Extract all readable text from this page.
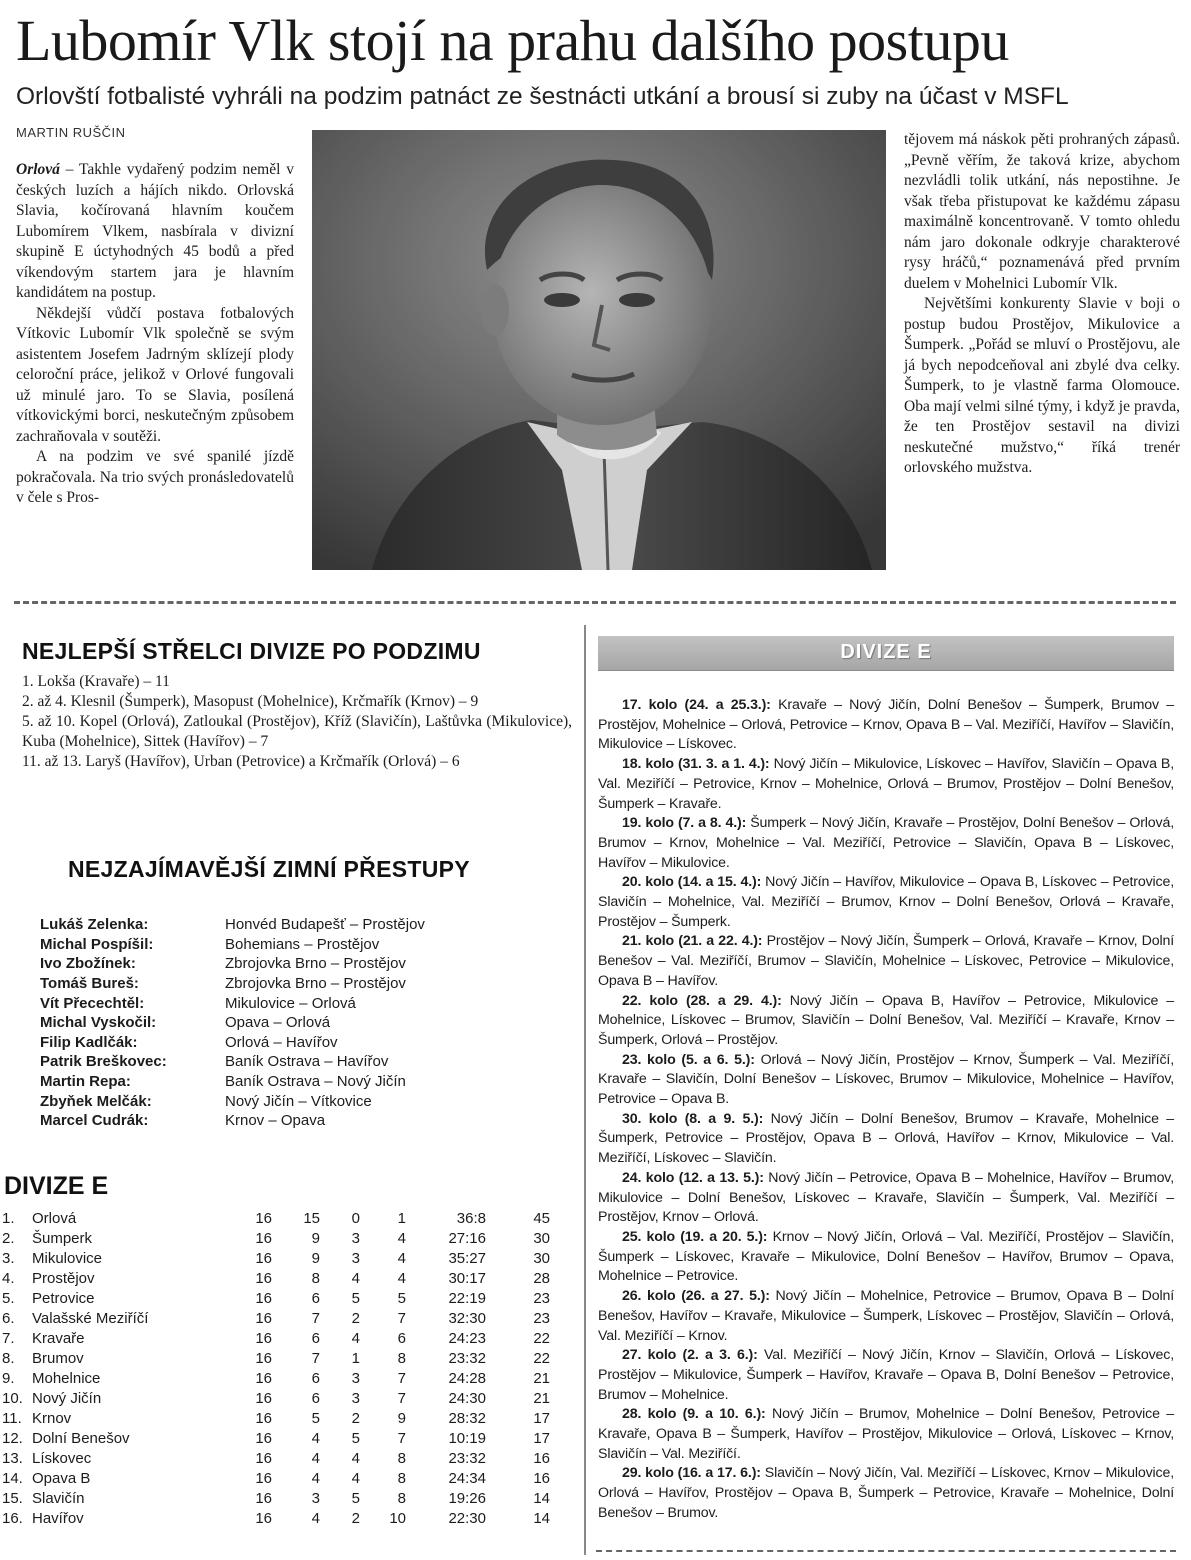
Lubomír Vlk stojí na prahu dalšího postupu
Orlovští fotbalisté vyhráli na podzim patnáct ze šestnácti utkání a brousí si zuby na účast v MSFL
MARTIN RUŠČIN

Orlová – Takhle vydařený podzim neměl v českých luzích a hájích nikdo. Orlovská Slavia, kočírovaná hlavním koučem Lubomírem Vlkem, nasbírala v divizní skupině E úctyhodných 45 bodů a před víkendovým startem jara je hlavním kandidátem na postup.

Někdejší vůdčí postava fotbalových Vítkovic Lubomír Vlk společně se svým asistentem Josefem Jadrným sklízejí plody celoroční práce, jelikož v Orlové fungovali už minulé jaro. To se Slavia, posílená vítkovickými borci, neskutečným způsobem zachraňovala v soutěži.

A na podzim ve své spanilé jízdě pokračovala. Na trio svých pronásledovatelů v čele s Pros-

tějovem má náskok pěti prohraných zápasů. „Pevně věřím, že taková krize, abychom nezvládli tolik utkání, nás nepostihne. Je však třeba přistupovat ke každému zápasu maximálně koncentrovaně. V tomto ohledu nám jaro dokonale odkryje charakterové rysy hráčů,“ poznamenává před prvním duelem v Mohelnici Lubomír Vlk.

Největšími konkurenty Slavie v boji o postup budou Prostějov, Mikulovice a Šumperk. „Pořád se mluví o Prostějovu, ale já bych nepodceňoval ani zbylé dva celky. Šumperk, to je vlastně farma Olomouce. Oba mají velmi silné týmy, i když je pravda, že ten Prostějov sestavil na divizi neskutečné mužstvo,“ říká trenér orlovského mužstva.

NEJLEPŠÍ STŘELCI DIVIZE PO PODZIMU
1. Lokša (Kravaře) – 11
2. až 4. Klesnil (Šumperk), Masopust (Mohelnice), Krčmařík (Krnov) – 9
5. až 10. Kopel (Orlová), Zatloukal (Prostějov), Kříž (Slavičín), Laštůvka (Mikulovice), Kuba (Mohelnice), Sittek (Havířov) – 7
11. až 13. Laryš (Havířov), Urban (Petrovice) a Krčmařík (Orlová) – 6
NEJZAJÍMAVĚJŠÍ ZIMNÍ PŘESTUPY
Lukáš Zelenka:	Honvéd Budapešť – Prostějov
Michal Pospíšil:	Bohemians – Prostějov
Ivo Zbožínek:	Zbrojovka Brno – Prostějov
Tomáš Bureš:	Zbrojovka Brno – Prostějov
Vít Přecechtěl:	Mikulovice – Orlová
Michal Vyskočil:	Opava – Orlová
Filip Kadlčák:	Orlová – Havířov
Patrik Breškovec:	Baník Ostrava – Havířov
Martin Repa:	Baník Ostrava – Nový Jičín
Zbyňek Melčák:	Nový Jičín – Vítkovice
Marcel Cudrák:	Krnov – Opava
DIVIZE E
1. Orlová	16	15	0	1	36:8	45
2. Šumperk	16	9	3	4	27:16	30
3. Mikulovice	16	9	3	4	35:27	30
4. Prostějov	16	8	4	4	30:17	28
5. Petrovice	16	6	5	5	22:19	23
6. Valašské Meziříčí	16	7	2	7	32:30	23
7. Kravaře	16	6	4	6	24:23	22
8. Brumov	16	7	1	8	23:32	22
9. Mohelnice	16	6	3	7	24:28	21
10. Nový Jičín	16	6	3	7	24:30	21
11. Krnov	16	5	2	9	28:32	17
12. Dolní Benešov	16	4	5	7	10:19	17
13. Lískovec	16	4	4	8	23:32	16
14. Opava B	16	4	4	8	24:34	16
15. Slavičín	16	3	5	8	19:26	14
16. Havířov	16	4	2	10	22:30	14
DIVIZE E

17. kolo (24. a 25.3.): Kravaře – Nový Jičín, Dolní Benešov – Šumperk, Brumov – Prostějov, Mohelnice – Orlová, Petrovice – Krnov, Opava B – Val. Meziříčí, Havířov – Slavičín, Mikulovice – Lískovec.

18. kolo (31. 3. a 1. 4.): Nový Jičín – Mikulovice, Lískovec – Havířov, Slavičín – Opava B, Val. Meziříčí – Petrovice, Krnov – Mohelnice, Orlová – Brumov, Prostějov – Dolní Benešov, Šumperk – Kravaře.

19. kolo (7. a 8. 4.): Šumperk – Nový Jičín, Kravaře – Prostějov, Dolní Benešov – Orlová, Brumov – Krnov, Mohelnice – Val. Meziříčí, Petrovice – Slavičín, Opava B – Lískovec, Havířov – Mikulovice.

20. kolo (14. a 15. 4.): Nový Jičín – Havířov, Mikulovice – Opava B, Lískovec – Petrovice, Slavičín – Mohelnice, Val. Meziříčí – Brumov, Krnov – Dolní Benešov, Orlová – Kravaře, Prostějov – Šumperk.

21. kolo (21. a 22. 4.): Prostějov – Nový Jičín, Šumperk – Orlová, Kravaře – Krnov, Dolní Benešov – Val. Meziříčí, Brumov – Slavičín, Mohelnice – Lískovec, Petrovice – Mikulovice, Opava B – Havířov.

22. kolo (28. a 29. 4.): Nový Jičín – Opava B, Havířov – Petrovice, Mikulovice – Mohelnice, Lískovec – Brumov, Slavičín – Dolní Benešov, Val. Meziříčí – Kravaře, Krnov – Šumperk, Orlová – Prostějov.

23. kolo (5. a 6. 5.): Orlová – Nový Jičín, Prostějov – Krnov, Šumperk – Val. Meziříčí, Kravaře – Slavičín, Dolní Benešov – Lískovec, Brumov – Mikulovice, Mohelnice – Havířov, Petrovice – Opava B.

30. kolo (8. a 9. 5.): Nový Jičín – Dolní Benešov, Brumov – Kravaře, Mohelnice – Šumperk, Petrovice – Prostějov, Opava B – Orlová, Havířov – Krnov, Mikulovice – Val. Meziříčí, Lískovec – Slavičín.

24. kolo (12. a 13. 5.): Nový Jičín – Petrovice, Opava B – Mohelnice, Havířov – Brumov, Mikulovice – Dolní Benešov, Lískovec – Kravaře, Slavičín – Šumperk, Val. Meziříčí – Prostějov, Krnov – Orlová.

25. kolo (19. a 20. 5.): Krnov – Nový Jičín, Orlová – Val. Meziříčí, Prostějov – Slavičín, Šumperk – Lískovec, Kravaře – Mikulovice, Dolní Benešov – Havířov, Brumov – Opava, Mohelnice – Petrovice.

26. kolo (26. a 27. 5.): Nový Jičín – Mohelnice, Petrovice – Brumov, Opava B – Dolní Benešov, Havířov – Kravaře, Mikulovice – Šumperk, Lískovec – Prostějov, Slavičín – Orlová, Val. Meziříčí – Krnov.

27. kolo (2. a 3. 6.): Val. Meziříčí – Nový Jičín, Krnov – Slavičín, Orlová – Lískovec, Prostějov – Mikulovice, Šumperk – Havířov, Kravaře – Opava B, Dolní Benešov – Petrovice, Brumov – Mohelnice.

28. kolo (9. a 10. 6.): Nový Jičín – Brumov, Mohelnice – Dolní Benešov, Petrovice – Kravaře, Opava B – Šumperk, Havířov – Prostějov, Mikulovice – Orlová, Lískovec – Krnov, Slavičín – Val. Meziříčí.

29. kolo (16. a 17. 6.): Slavičín – Nový Jičín, Val. Meziříčí – Lískovec, Krnov – Mikulovice, Orlová – Havířov, Prostějov – Opava B, Šumperk – Petrovice, Kravaře – Mohelnice, Dolní Benešov – Brumov.
